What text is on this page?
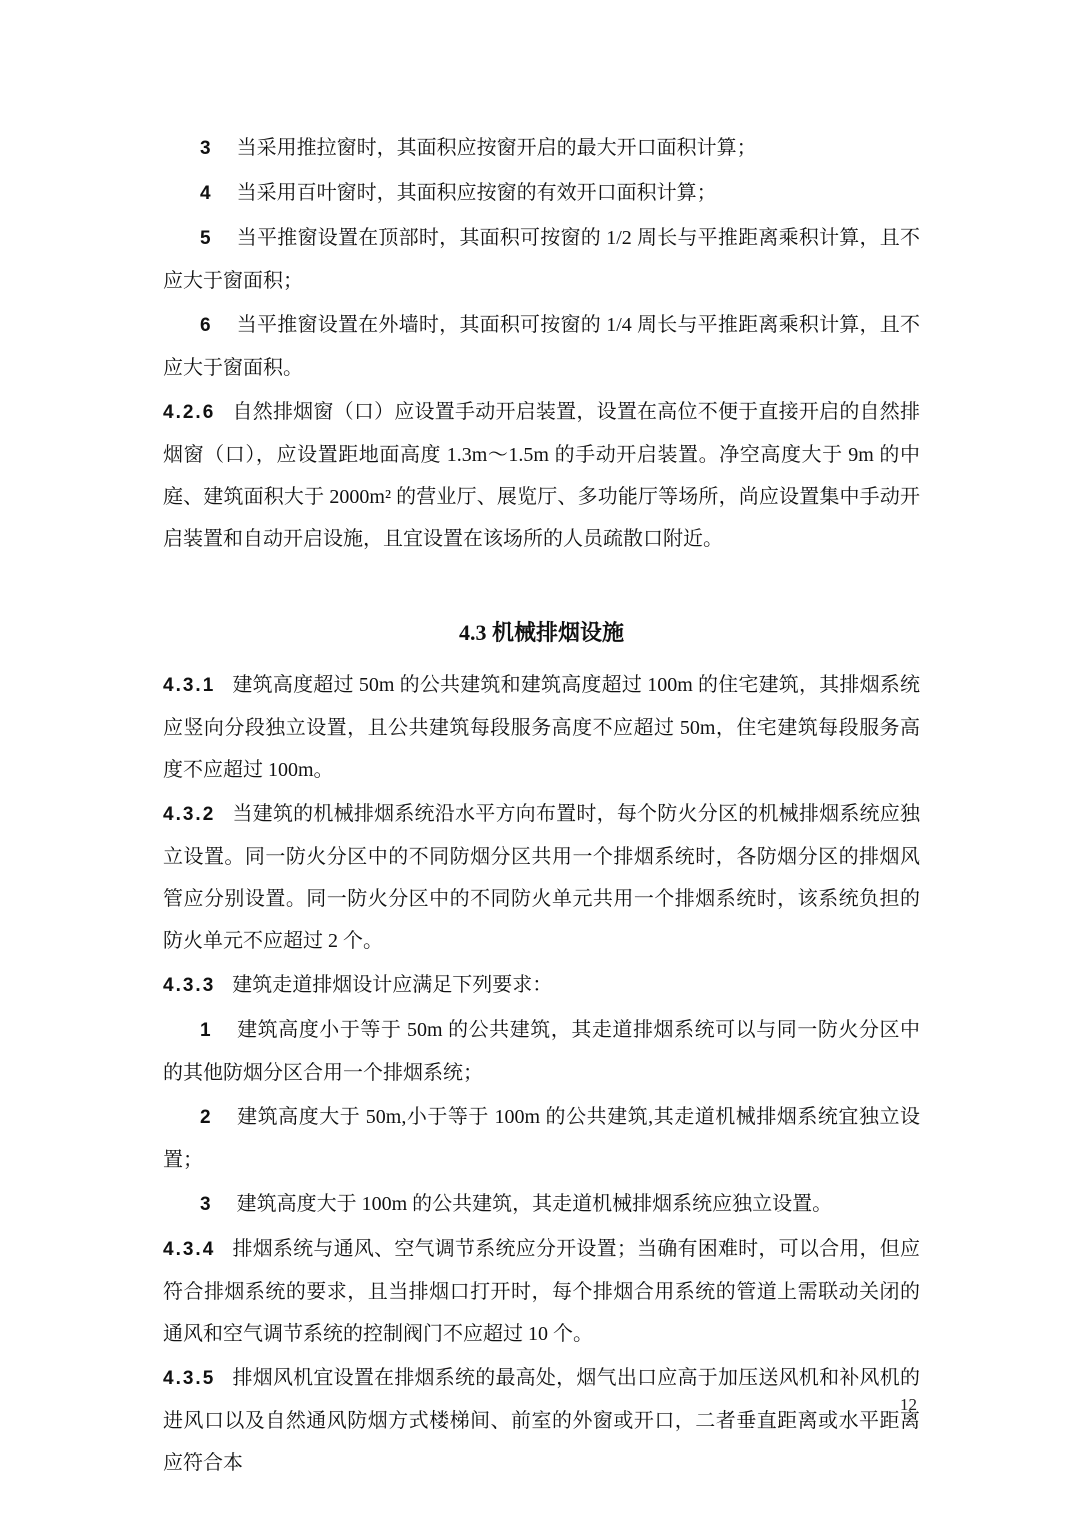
3 当采用推拉窗时，其面积应按窗开启的最大开口面积计算；

4 当采用百叶窗时，其面积应按窗的有效开口面积计算；

5 当平推窗设置在顶部时，其面积可按窗的 1/2 周长与平推距离乘积计算，且不应大于窗面积；

6 当平推窗设置在外墙时，其面积可按窗的 1/4 周长与平推距离乘积计算，且不应大于窗面积。

4.2.6 自然排烟窗（口）应设置手动开启装置，设置在高位不便于直接开启的自然排烟窗（口），应设置距地面高度 1.3m～1.5m 的手动开启装置。净空高度大于 9m 的中庭、建筑面积大于 2000m² 的营业厅、展览厅、多功能厅等场所，尚应设置集中手动开启装置和自动开启设施，且宜设置在该场所的人员疏散口附近。

4.3 机械排烟设施

4.3.1 建筑高度超过 50m 的公共建筑和建筑高度超过 100m 的住宅建筑，其排烟系统应竖向分段独立设置，且公共建筑每段服务高度不应超过 50m，住宅建筑每段服务高度不应超过 100m。

4.3.2 当建筑的机械排烟系统沿水平方向布置时，每个防火分区的机械排烟系统应独立设置。同一防火分区中的不同防烟分区共用一个排烟系统时，各防烟分区的排烟风管应分别设置。同一防火分区中的不同防火单元共用一个排烟系统时，该系统负担的防火单元不应超过 2 个。

4.3.3 建筑走道排烟设计应满足下列要求：

1 建筑高度小于等于 50m 的公共建筑，其走道排烟系统可以与同一防火分区中的其他防烟分区合用一个排烟系统；

2 建筑高度大于 50m,小于等于 100m 的公共建筑,其走道机械排烟系统宜独立设置；

3 建筑高度大于 100m 的公共建筑，其走道机械排烟系统应独立设置。

4.3.4 排烟系统与通风、空气调节系统应分开设置；当确有困难时，可以合用，但应符合排烟系统的要求，且当排烟口打开时，每个排烟合用系统的管道上需联动关闭的通风和空气调节系统的控制阀门不应超过 10 个。

4.3.5 排烟风机宜设置在排烟系统的最高处，烟气出口应高于加压送风机和补风机的进风口以及自然通风防烟方式楼梯间、前室的外窗或开口，二者垂直距离或水平距离应符合本

12
